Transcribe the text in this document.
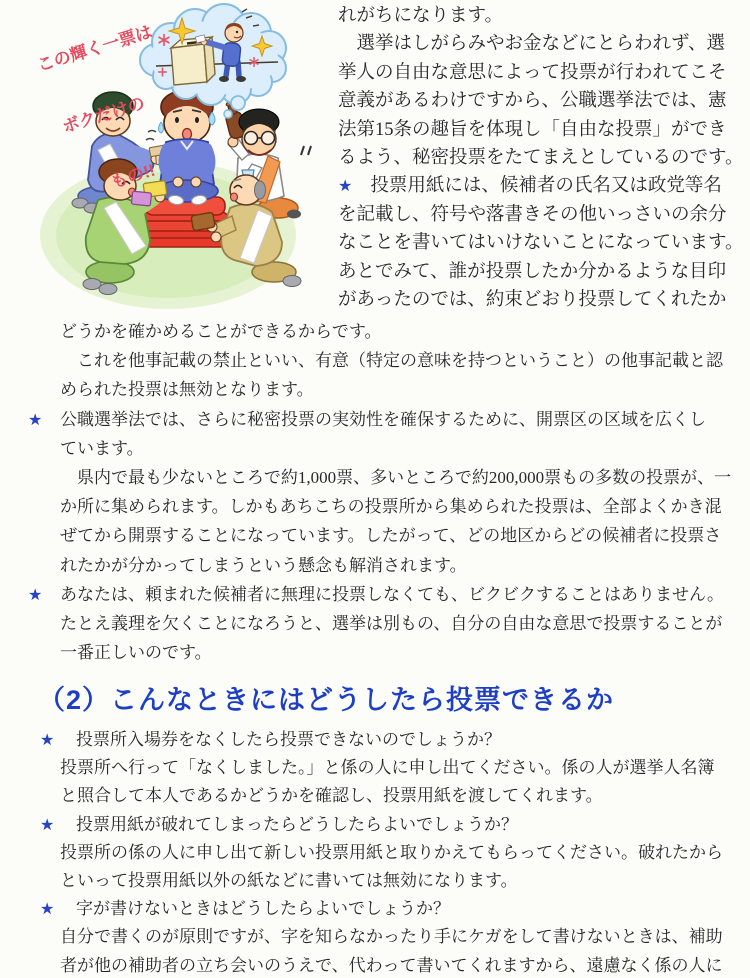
この輝く一票は

ボクだけの

もの!!

れがちになります。
　選挙はしがらみやお金などにとらわれず、選
挙人の自由な意思によって投票が行われてこそ
意義があるわけですから、公職選挙法では、憲
法第15条の趣旨を体現し「自由な投票」ができ
るよう、秘密投票をたてまえとしているのです。
★ 投票用紙には、候補者の氏名又は政党等名
を記載し、符号や落書きその他いっさいの余分
なことを書いてはいけないことになっています。
あとでみて、誰が投票したか分かるような目印
があったのでは、約束どおり投票してくれたか
どうかを確かめることができるからです。
　これを他事記載の禁止といい、有意（特定の意味を持つということ）の他事記載と認
められた投票は無効となります。
★ 公職選挙法では、さらに秘密投票の実効性を確保するために、開票区の区域を広くし
ています。
　県内で最も少ないところで約1,000票、多いところで約200,000票もの多数の投票が、一
か所に集められます。しかもあちこちの投票所から集められた投票は、全部よくかき混
ぜてから開票することになっています。したがって、どの地区からどの候補者に投票さ
れたかが分かってしまうという懸念も解消されます。
★ あなたは、頼まれた候補者に無理に投票しなくても、ビクビクすることはありません。
たとえ義理を欠くことになろうと、選挙は別もの、自分の自由な意思で投票することが
一番正しいのです。
（2）こんなときにはどうしたら投票できるか
★ 投票所入場券をなくしたら投票できないのでしょうか？
投票所へ行って「なくしました。」と係の人に申し出てください。係の人が選挙人名簿
と照合して本人であるかどうかを確認し、投票用紙を渡してくれます。
★ 投票用紙が破れてしまったらどうしたらよいでしょうか？
投票所の係の人に申し出て新しい投票用紙と取りかえてもらってください。破れたから
といって投票用紙以外の紙などに書いては無効になります。
★ 字が書けないときはどうしたらよいでしょうか？
自分で書くのが原則ですが、字を知らなかったり手にケガをして書けないときは、補助
者が他の補助者の立ち会いのうえで、代わって書いてくれますから、遠慮なく係の人に
